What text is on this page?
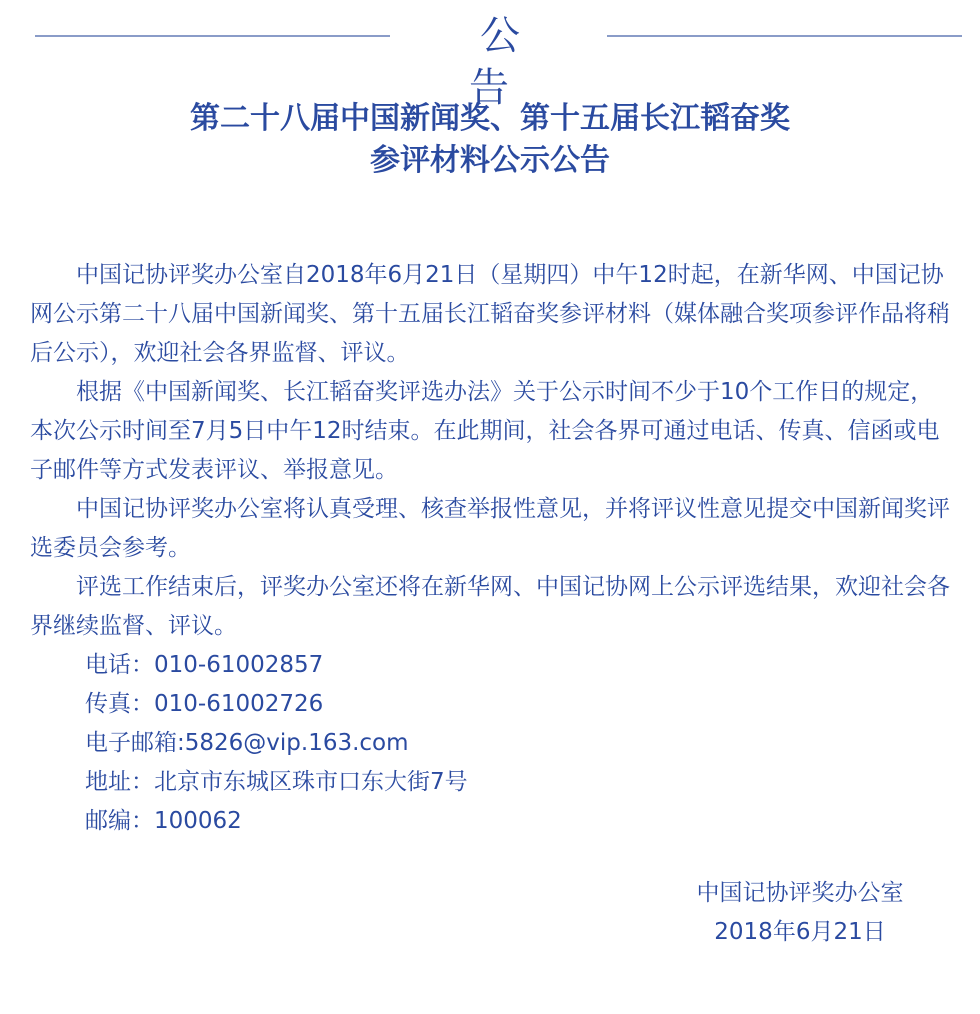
公 告
第二十八届中国新闻奖、第十五届长江韬奋奖
参评材料公示公告

中国记协评奖办公室自2018年6月21日（星期四）中午12时起，在新华网、中国记协网公示第二十八届中国新闻奖、第十五届长江韬奋奖参评材料（媒体融合奖项参评作品将稍后公示），欢迎社会各界监督、评议。

根据《中国新闻奖、长江韬奋奖评选办法》关于公示时间不少于10个工作日的规定，本次公示时间至7月5日中午12时结束。在此期间，社会各界可通过电话、传真、信函或电子邮件等方式发表评议、举报意见。

中国记协评奖办公室将认真受理、核查举报性意见，并将评议性意见提交中国新闻奖评选委员会参考。

评选工作结束后，评奖办公室还将在新华网、中国记协网上公示评选结果，欢迎社会各界继续监督、评议。

电话：010-61002857

传真：010-61002726

电子邮箱:5826@vip.163.com

地址：北京市东城区珠市口东大街7号

邮编：100062

中国记协评奖办公室
2018年6月21日
